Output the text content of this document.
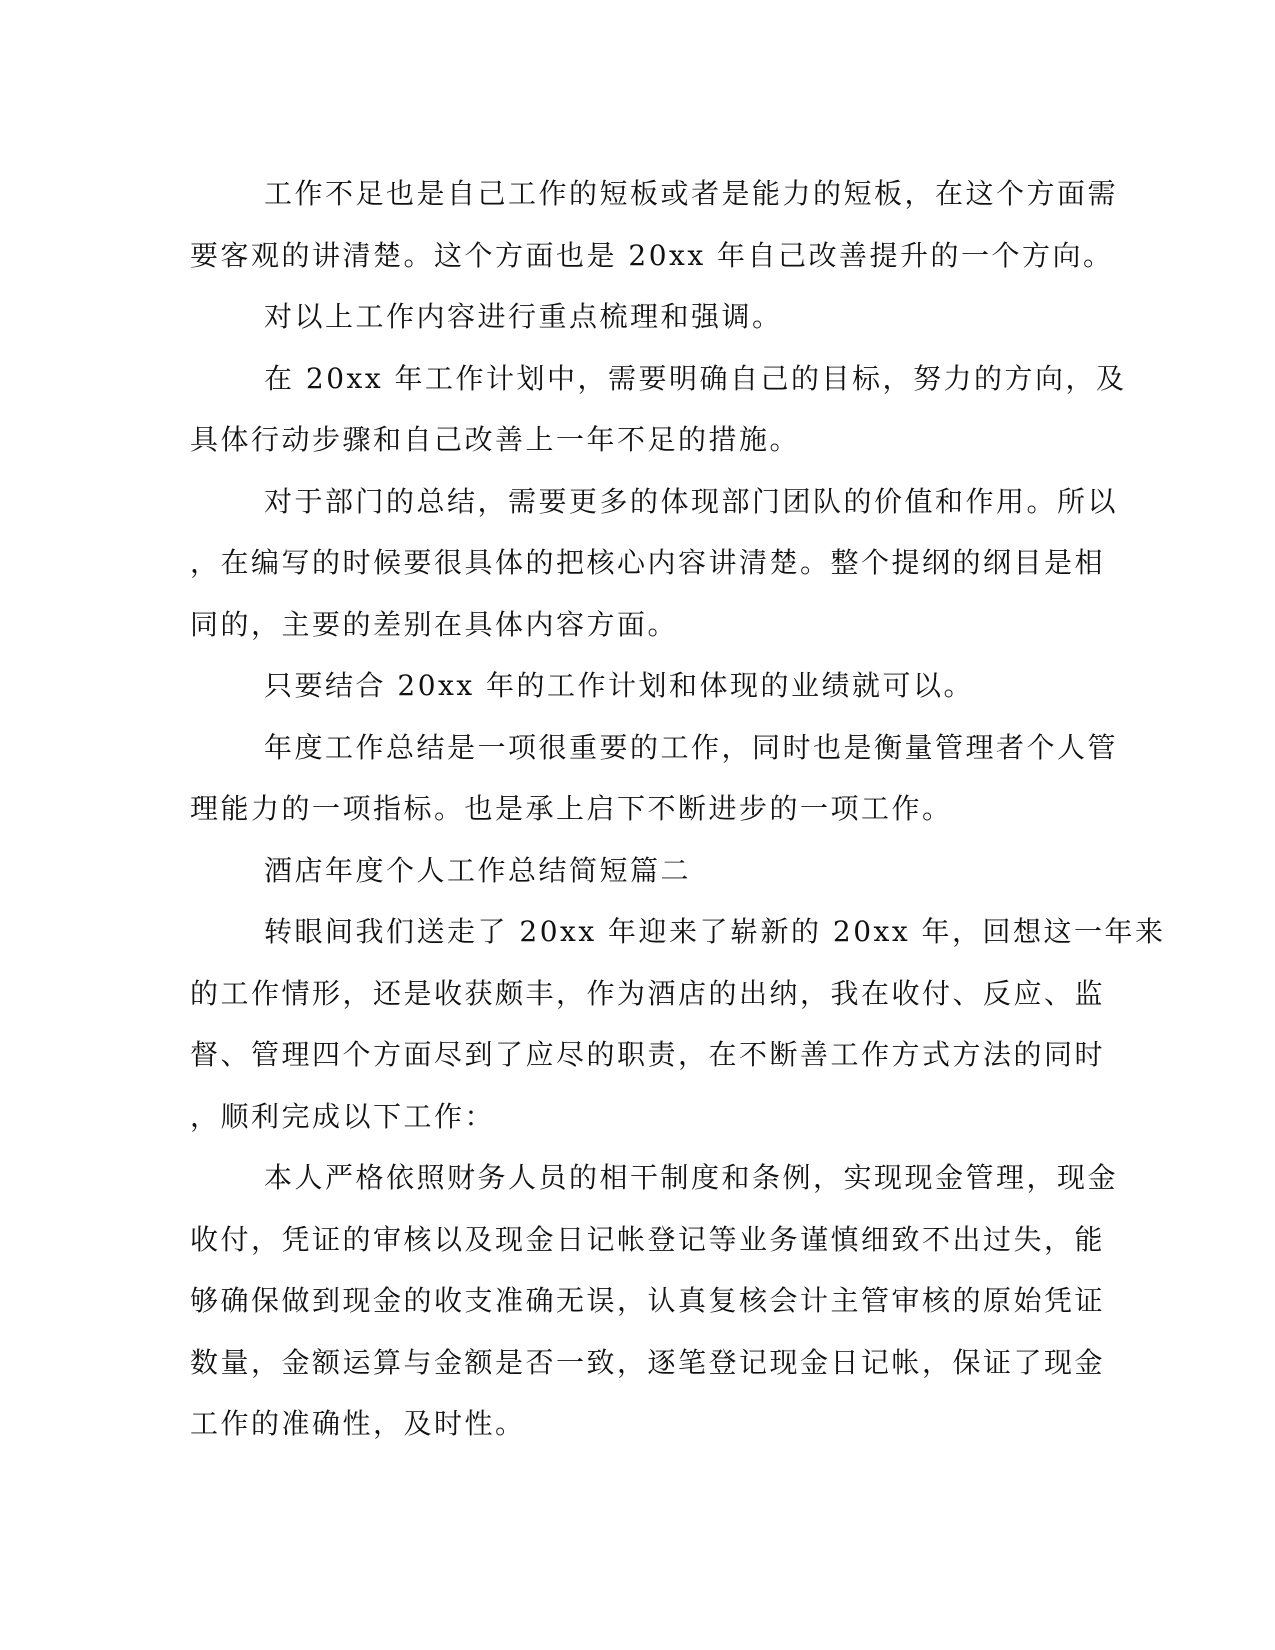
工作不足也是自己工作的短板或者是能力的短板，在这个方面需
要客观的讲清楚。这个方面也是 20xx 年自己改善提升的一个方向。
对以上工作内容进行重点梳理和强调。
在 20xx 年工作计划中，需要明确自己的目标，努力的方向，及
具体行动步骤和自己改善上一年不足的措施。
对于部门的总结，需要更多的体现部门团队的价值和作用。所以
，在编写的时候要很具体的把核心内容讲清楚。整个提纲的纲目是相
同的，主要的差别在具体内容方面。
只要结合 20xx 年的工作计划和体现的业绩就可以。
年度工作总结是一项很重要的工作，同时也是衡量管理者个人管
理能力的一项指标。也是承上启下不断进步的一项工作。
酒店年度个人工作总结简短篇二
转眼间我们送走了 20xx 年迎来了崭新的 20xx 年，回想这一年来
的工作情形，还是收获颇丰，作为酒店的出纳，我在收付、反应、监
督、管理四个方面尽到了应尽的职责，在不断善工作方式方法的同时
，顺利完成以下工作：
本人严格依照财务人员的相干制度和条例，实现现金管理，现金
收付，凭证的审核以及现金日记帐登记等业务谨慎细致不出过失，能
够确保做到现金的收支准确无误，认真复核会计主管审核的原始凭证
数量，金额运算与金额是否一致，逐笔登记现金日记帐，保证了现金
工作的准确性，及时性。
